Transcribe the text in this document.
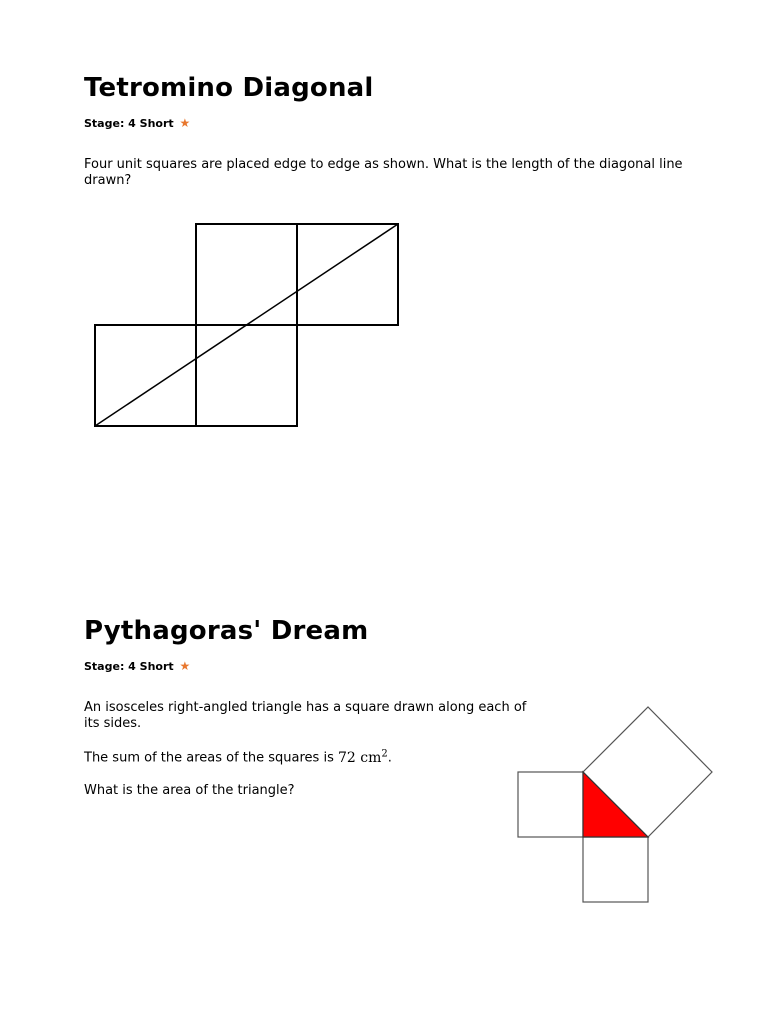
Tetromino Diagonal
Stage: 4 Short ★

Four unit squares are placed edge to edge as shown. What is the length of the diagonal line drawn?

Pythagoras' Dream
Stage: 4 Short ★

An isosceles right-angled triangle has a square drawn along each of its sides.

The sum of the areas of the squares is 72 $cm^2$.

What is the area of the triangle?
